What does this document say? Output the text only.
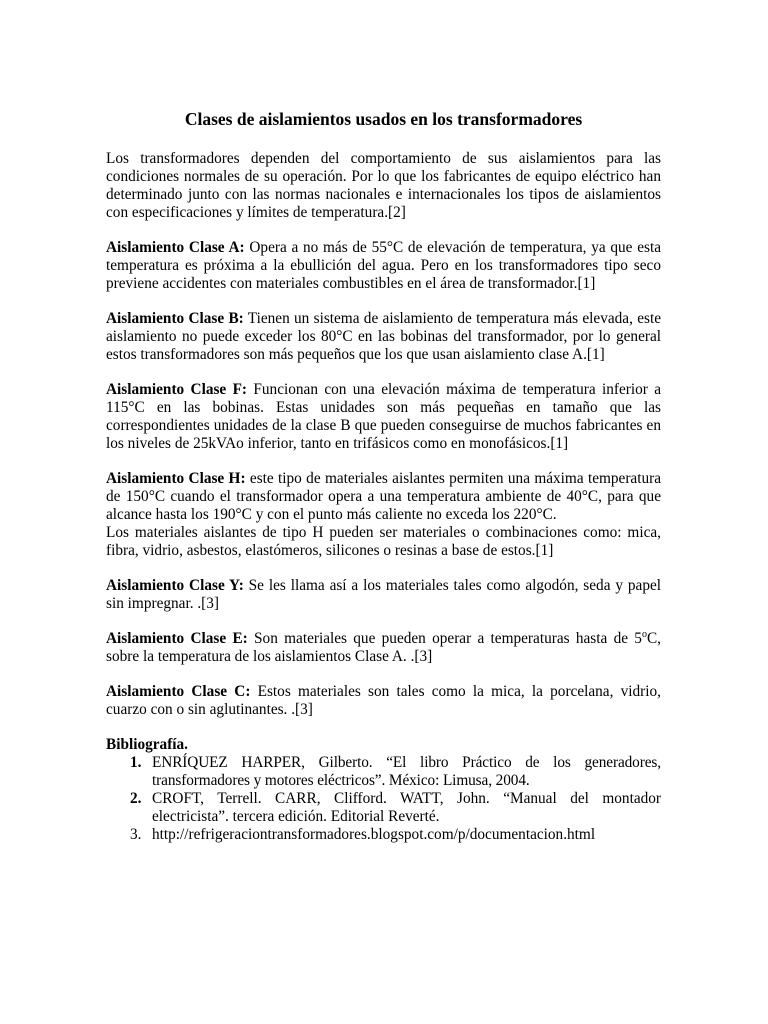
Clases de aislamientos usados en los transformadores

Los transformadores dependen del comportamiento de sus aislamientos para las condiciones normales de su operación. Por lo que los fabricantes de equipo eléctrico han determinado junto con las normas nacionales e internacionales los tipos de aislamientos con especificaciones y límites de temperatura.[2]

Aislamiento Clase A: Opera a no más de 55°C de elevación de temperatura, ya que esta temperatura es próxima a la ebullición del agua. Pero en los transformadores tipo seco previene accidentes con materiales combustibles en el área de transformador.[1]

Aislamiento Clase B: Tienen un sistema de aislamiento de temperatura más elevada, este aislamiento no puede exceder los 80°C en las bobinas del transformador, por lo general estos transformadores son más pequeños que los que usan aislamiento clase A.[1]

Aislamiento Clase F: Funcionan con una elevación máxima de temperatura inferior a 115°C en las bobinas. Estas unidades son más pequeñas en tamaño que las correspondientes unidades de la clase B que pueden conseguirse de muchos fabricantes en los niveles de 25kVAo inferior, tanto en trifásicos como en monofásicos.[1]

Aislamiento Clase H: este tipo de materiales aislantes permiten una máxima temperatura de 150°C cuando el transformador opera a una temperatura ambiente de 40°C, para que alcance hasta los 190°C y con el punto más caliente no exceda los 220°C.
Los materiales aislantes de tipo H pueden ser materiales o combinaciones como: mica, fibra, vidrio, asbestos, elastómeros, silicones o resinas a base de estos.[1]

Aislamiento Clase Y: Se les llama así a los materiales tales como algodón, seda y papel sin impregnar. .[3]

Aislamiento Clase E: Son materiales que pueden operar a temperaturas hasta de 5$^o$C, sobre la temperatura de los aislamientos Clase A. .[3]

Aislamiento Clase C: Estos materiales son tales como la mica, la porcelana, vidrio, cuarzo con o sin aglutinantes. .[3]

Bibliografía.

1. ENRÍQUEZ HARPER, Gilberto. “El libro Práctico de los generadores, transformadores y motores eléctricos”. México: Limusa, 2004.
2. CROFT, Terrell. CARR, Clifford. WATT, John. “Manual del montador electricista”. tercera edición. Editorial Reverté.
3. http://refrigeraciontransformadores.blogspot.com/p/documentacion.html
